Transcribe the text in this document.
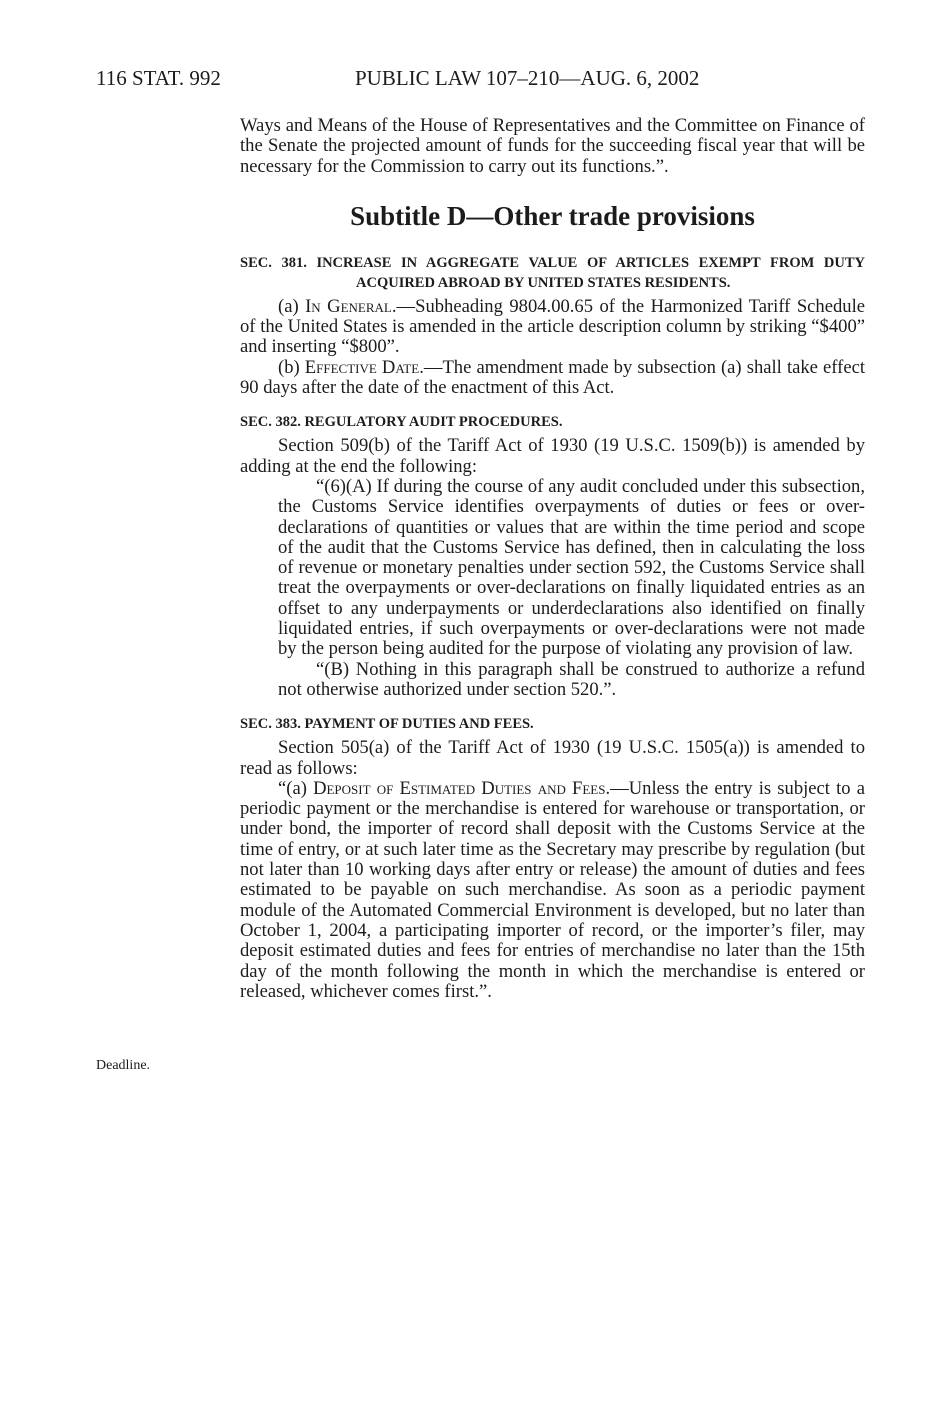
116 STAT. 992	PUBLIC LAW 107–210—AUG. 6, 2002
Deadline.

Ways and Means of the House of Representatives and the Committee on Finance of the Senate the projected amount of funds for the succeeding fiscal year that will be necessary for the Commission to carry out its functions.”.

Subtitle D—Other trade provisions
SEC. 381. INCREASE IN AGGREGATE VALUE OF ARTICLES EXEMPT FROM DUTY ACQUIRED ABROAD BY UNITED STATES RESIDENTS.

(a) In General.—Subheading 9804.00.65 of the Harmonized Tariff Schedule of the United States is amended in the article description column by striking “$400” and inserting “$800”.

(b) Effective Date.—The amendment made by subsection (a) shall take effect 90 days after the date of the enactment of this Act.

SEC. 382. REGULATORY AUDIT PROCEDURES.

Section 509(b) of the Tariff Act of 1930 (19 U.S.C. 1509(b)) is amended by adding at the end the following:

“(6)(A) If during the course of any audit concluded under this subsection, the Customs Service identifies overpayments of duties or fees or over-declarations of quantities or values that are within the time period and scope of the audit that the Customs Service has defined, then in calculating the loss of revenue or monetary penalties under section 592, the Customs Service shall treat the overpayments or over-declarations on finally liquidated entries as an offset to any underpayments or underdeclarations also identified on finally liquidated entries, if such overpayments or over-declarations were not made by the person being audited for the purpose of violating any provision of law.

“(B) Nothing in this paragraph shall be construed to authorize a refund not otherwise authorized under section 520.”.

SEC. 383. PAYMENT OF DUTIES AND FEES.

Section 505(a) of the Tariff Act of 1930 (19 U.S.C. 1505(a)) is amended to read as follows:

“(a) Deposit of Estimated Duties and Fees.—Unless the entry is subject to a periodic payment or the merchandise is entered for warehouse or transportation, or under bond, the importer of record shall deposit with the Customs Service at the time of entry, or at such later time as the Secretary may prescribe by regulation (but not later than 10 working days after entry or release) the amount of duties and fees estimated to be payable on such merchandise. As soon as a periodic payment module of the Automated Commercial Environment is developed, but no later than October 1, 2004, a participating importer of record, or the importer’s filer, may deposit estimated duties and fees for entries of merchandise no later than the 15th day of the month following the month in which the merchandise is entered or released, whichever comes first.”.
